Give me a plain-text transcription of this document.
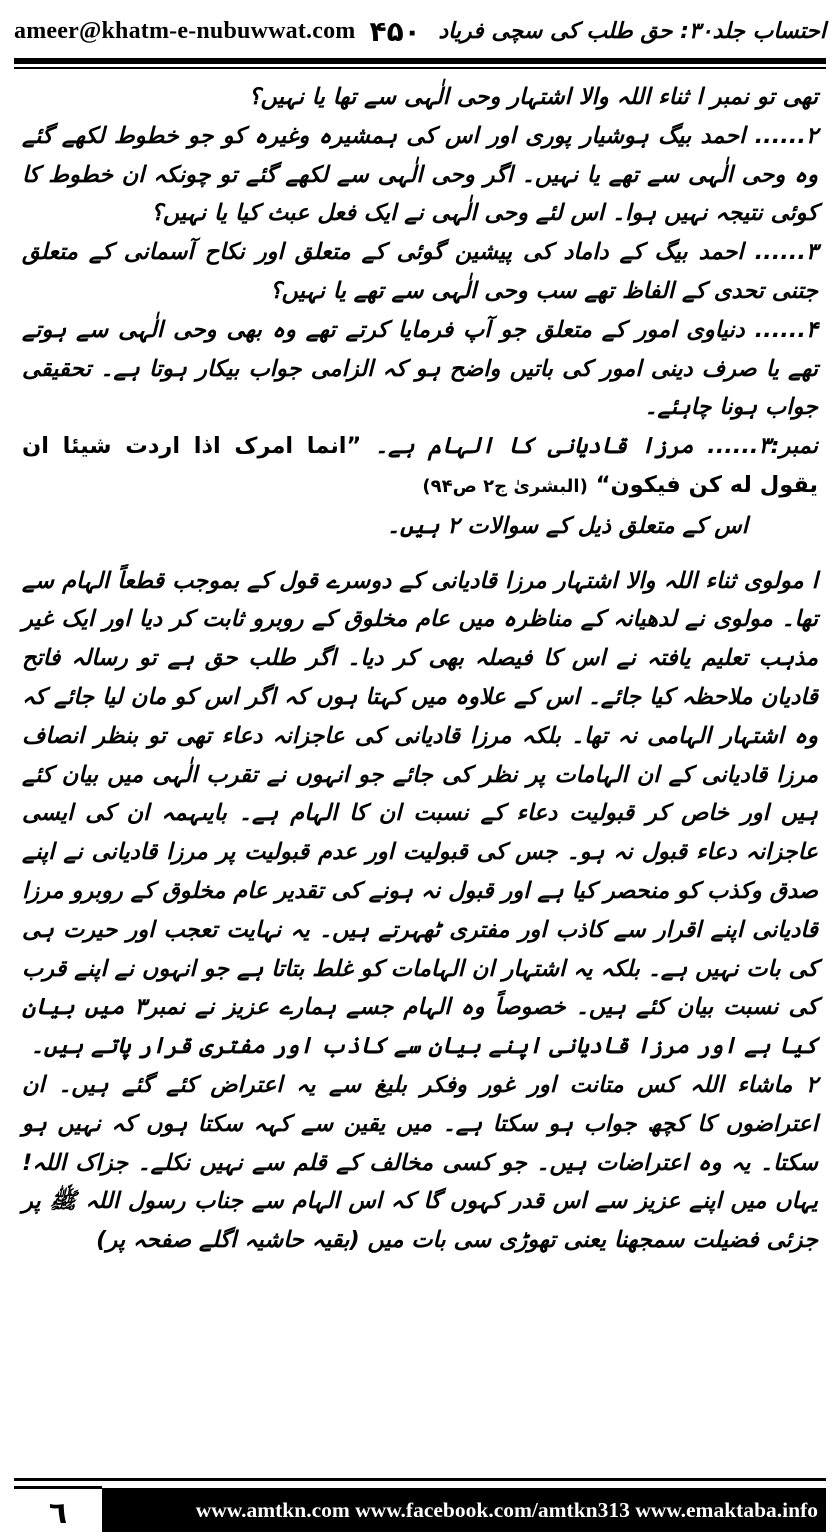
ameer@khatm-e-nubuwwat.com ۴۵۰ احتساب جلد۳۰: حق طلب کی سچی فریاد

تھی تو نمبر ا ثناء اللہ والا اشتہار وحی الٰہی سے تھا یا نہیں؟

۲...... احمد بیگ ہوشیار پوری اور اس کی ہمشیرہ وغیرہ کو جو خطوط لکھے گئے وہ وحی الٰہی سے تھے یا نہیں۔ اگر وحی الٰہی سے لکھے گئے تو چونکہ ان خطوط کا کوئی نتیجہ نہیں ہوا۔ اس لئے وحی الٰہی نے ایک فعل عبث کیا یا نہیں؟

۳...... احمد بیگ کے داماد کی پیشین گوئی کے متعلق اور نکاح آسمانی کے متعلق جتنی تحدی کے الفاظ تھے سب وحی الٰہی سے تھے یا نہیں؟

۴...... دنیاوی امور کے متعلق جو آپ فرمایا کرتے تھے وہ بھی وحی الٰہی سے ہوتے تھے یا صرف دینی امور کی باتیں واضح ہو کہ الزامی جواب بیکار ہوتا ہے۔ تحقیقی جواب ہونا چاہئے۔

نمبر:۳...... مرزا قادیانی کا الہام ہے۔ ”انما امرک اذا اردت شیئا ان یقول له کن فیکون“ (البشریٰ ج۲ ص۹۴)

اس کے متعلق ذیل کے سوالات ۲ ہیں۔

ا مولوی ثناء اللہ والا اشتہار مرزا قادیانی کے دوسرے قول کے بموجب قطعاً الہام سے تھا۔ مولوی نے لدھیانہ کے مناظرہ میں عام مخلوق کے روبرو ثابت کر دیا اور ایک غیر مذہب تعلیم یافتہ نے اس کا فیصلہ بھی کر دیا۔ اگر طلب حق ہے تو رسالہ فاتح قادیان ملاحظہ کیا جائے۔ اس کے علاوہ میں کہتا ہوں کہ اگر اس کو مان لیا جائے کہ وہ اشتہار الہامی نہ تھا۔ بلکہ مرزا قادیانی کی عاجزانہ دعاء تھی تو بنظر انصاف مرزا قادیانی کے ان الہامات پر نظر کی جائے جو انہوں نے تقرب الٰہی میں بیان کئے ہیں اور خاص کر قبولیت دعاء کے نسبت ان کا الہام ہے۔ بایںہمہ ان کی ایسی عاجزانہ دعاء قبول نہ ہو۔ جس کی قبولیت اور عدم قبولیت پر مرزا قادیانی نے اپنے صدق وکذب کو منحصر کیا ہے اور قبول نہ ہونے کی تقدیر عام مخلوق کے روبرو مرزا قادیانی اپنے اقرار سے کاذب اور مفتری ٹھہرتے ہیں۔ یہ نہایت تعجب اور حیرت ہی کی بات نہیں ہے۔ بلکہ یہ اشتہار ان الہامات کو غلط بتاتا ہے جو انہوں نے اپنے قرب کی نسبت بیان کئے ہیں۔ خصوصاً وہ الہام جسے ہمارے عزیز نے نمبر۳ میں بیان کیا ہے اور مرزا قادیانی اپنے بیان سے کاذب اور مفتری قرار پاتے ہیں۔

۲ ماشاء اللہ کس متانت اور غور وفکر بلیغ سے یہ اعتراض کئے گئے ہیں۔ ان اعتراضوں کا کچھ جواب ہو سکتا ہے۔ میں یقین سے کہہ سکتا ہوں کہ نہیں ہو سکتا۔ یہ وہ اعتراضات ہیں۔ جو کسی مخالف کے قلم سے نہیں نکلے۔ جزاک اللہ! یہاں میں اپنے عزیز سے اس قدر کہوں گا کہ اس الہام سے جناب رسول اللہ ﷺ پر جزئی فضیلت سمجھنا یعنی تھوڑی سی بات میں (بقیہ حاشیہ اگلے صفحہ پر)

www.amtkn.com www.facebook.com/amtkn313 www.emaktaba.info
٦
